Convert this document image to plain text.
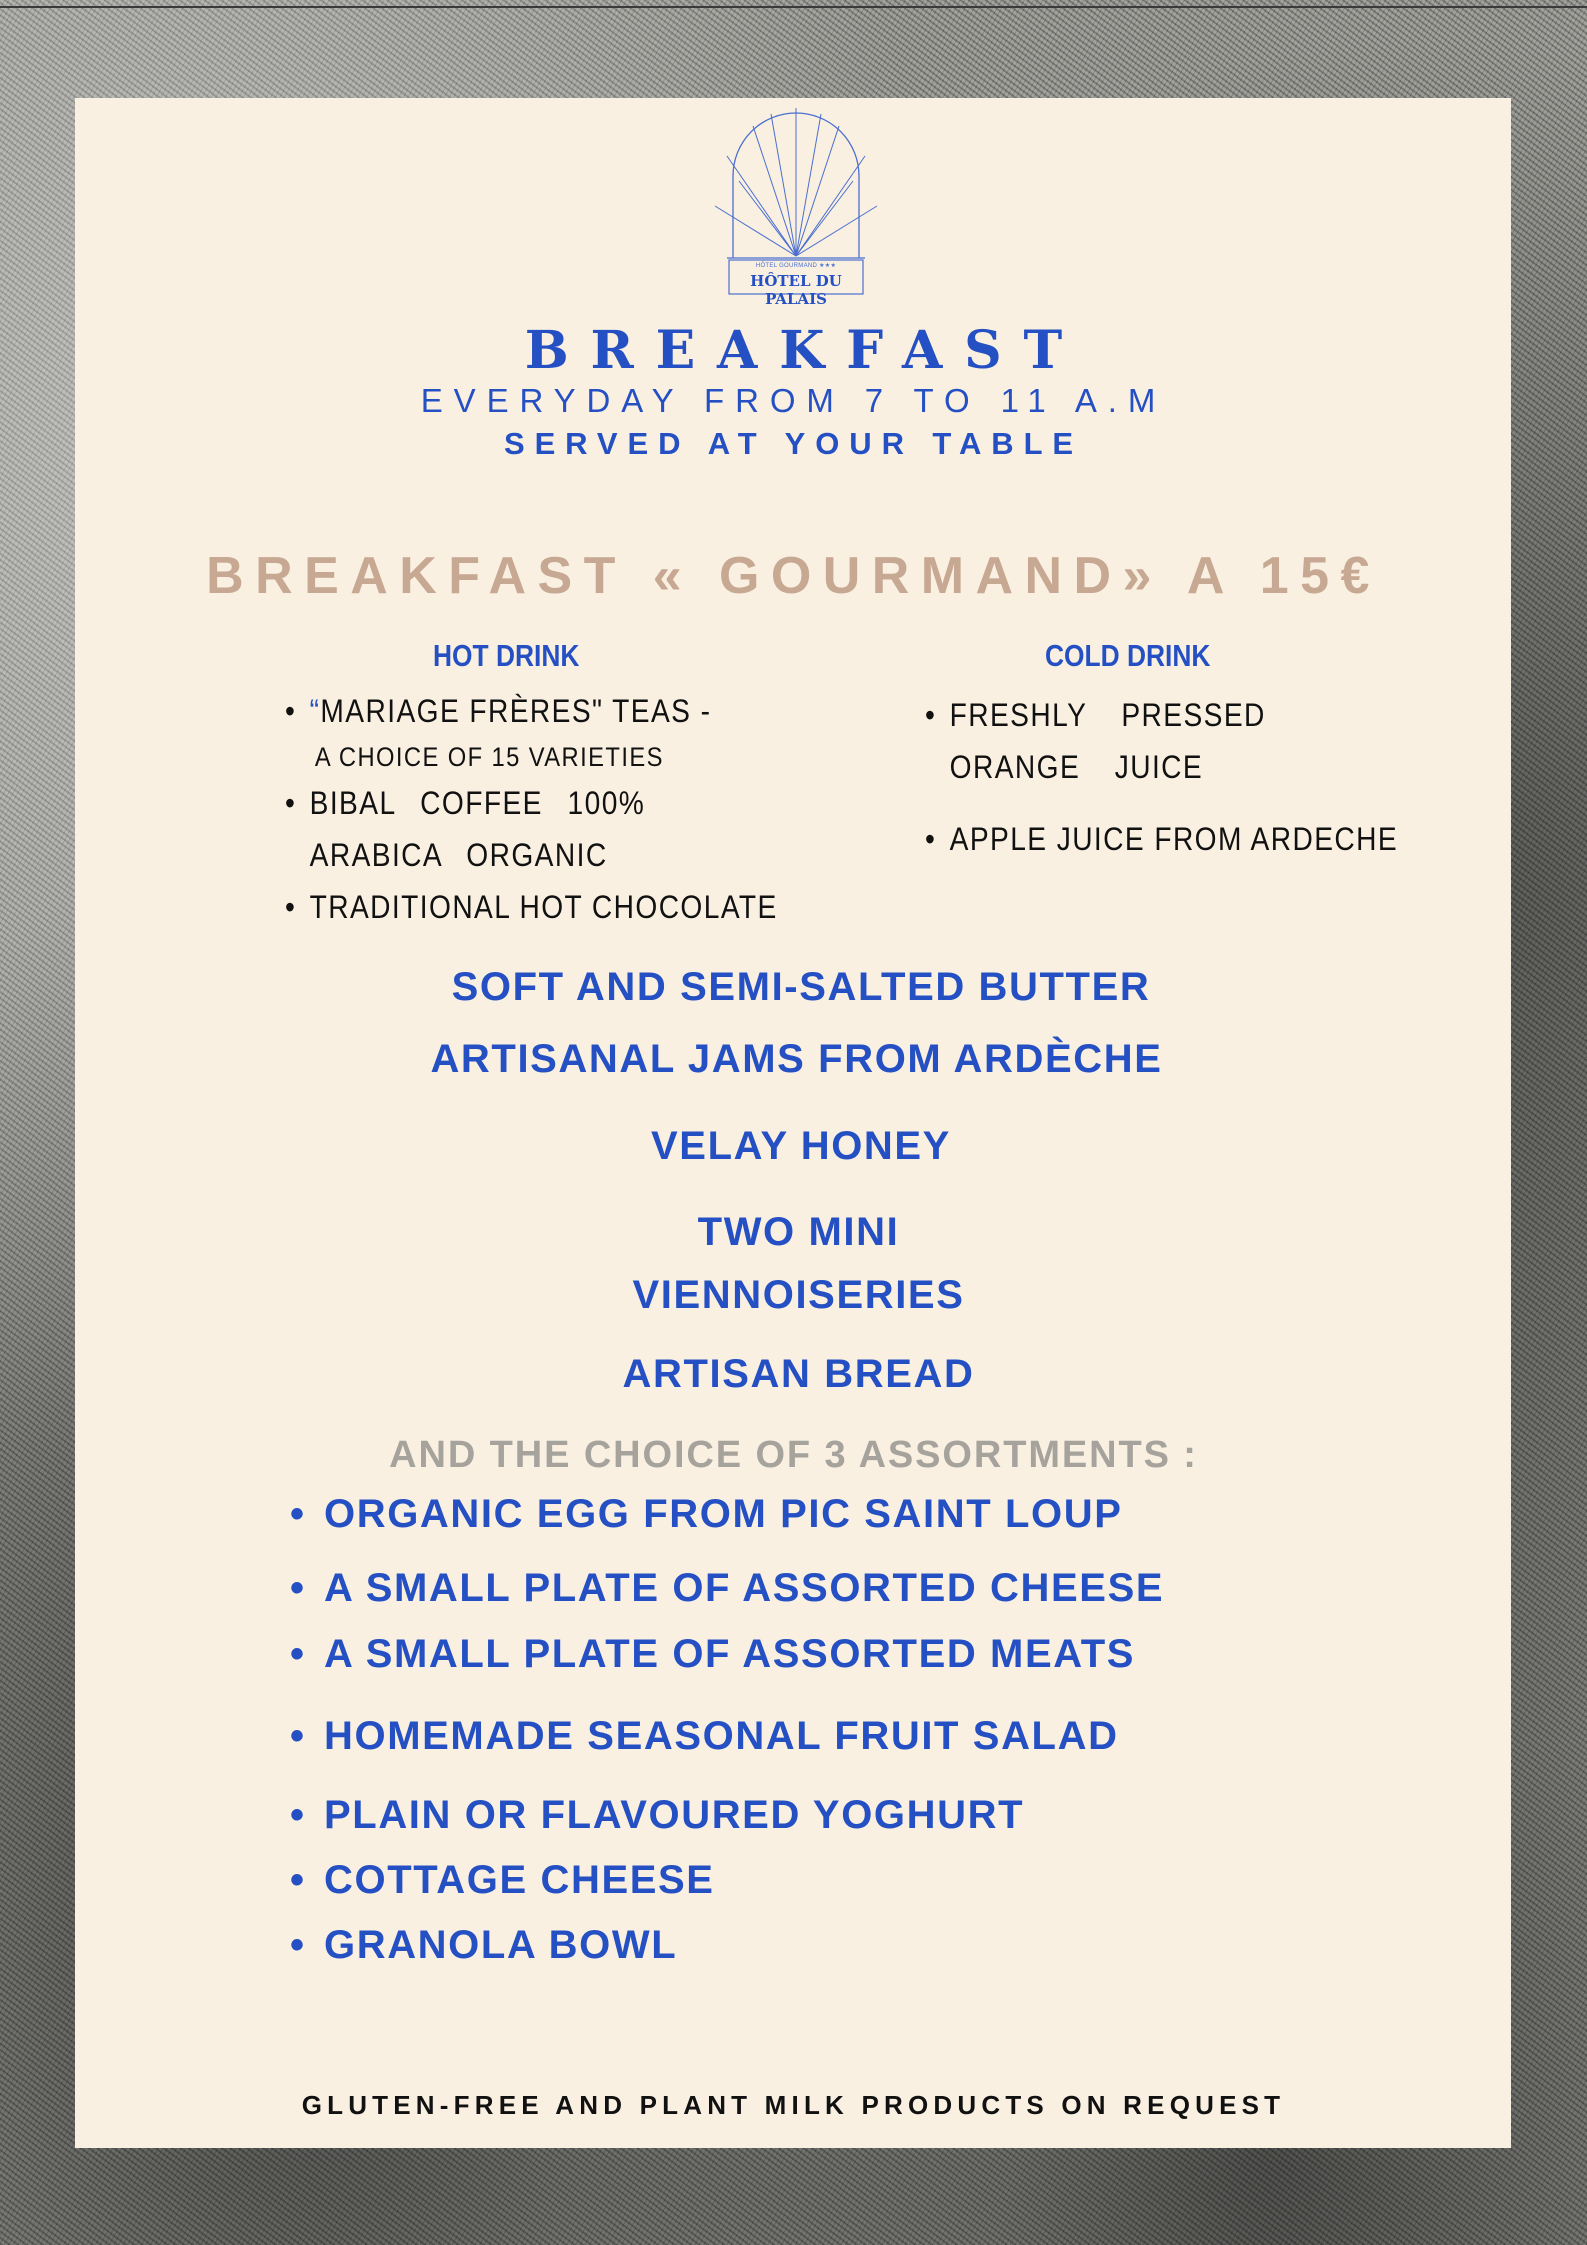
HÔTEL GOURMAND ★★★
HÔTEL DU PALAIS
BREAKFAST
EVERYDAY FROM 7 TO 11 A.M
SERVED AT YOUR TABLE
BREAKFAST « GOURMAND» A 15€
HOT DRINK
• “MARIAGE FRÈRES" TEAS -
A CHOICE OF 15 VARIETIES
• BIBAL COFFEE 100% ARABICA ORGANIC
• TRADITIONAL HOT CHOCOLATE
COLD DRINK
• FRESHLY PRESSED ORANGE JUICE
• APPLE JUICE FROM ARDECHE
SOFT AND SEMI-SALTED BUTTER
ARTISANAL JAMS FROM ARDÈCHE
VELAY HONEY
TWO MINI
VIENNOISERIES
ARTISAN BREAD
AND THE CHOICE OF 3 ASSORTMENTS :
• ORGANIC EGG FROM PIC SAINT LOUP
• A SMALL PLATE OF ASSORTED CHEESE
• A SMALL PLATE OF ASSORTED MEATS
• HOMEMADE SEASONAL FRUIT SALAD
• PLAIN OR FLAVOURED YOGHURT
• COTTAGE CHEESE
• GRANOLA BOWL
GLUTEN-FREE AND PLANT MILK PRODUCTS ON REQUEST
